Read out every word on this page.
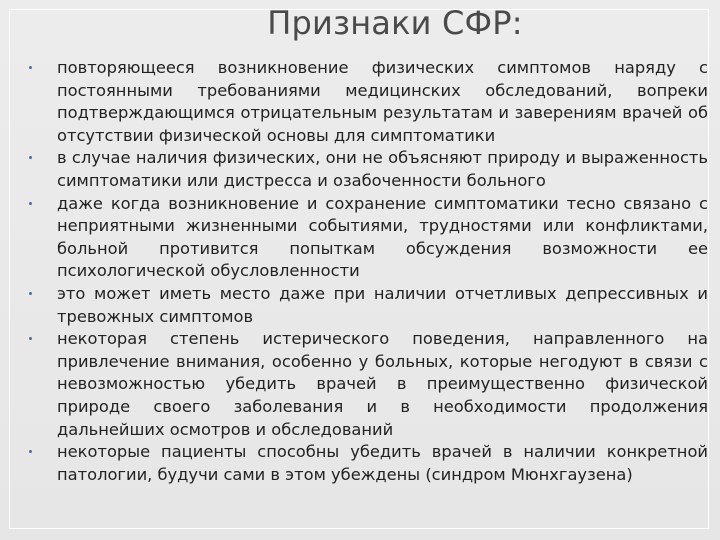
Признаки СФР:
повторяющееся возникновение физических симптомов наряду с постоянными требованиями медицинских обследований, вопреки подтверждающимся отрицательным результатам и заверениям врачей об отсутствии физической основы для симптоматики
в случае наличия физических, они не объясняют природу и выраженность симптоматики или дистресса и озабоченности больного
даже когда возникновение и сохранение симптоматики тесно связано с неприятными жизненными событиями, трудностями или конфликтами, больной противится попыткам обсуждения возможности ее психологической обусловленности
это может иметь место даже при наличии отчетливых депрессивных и тревожных симптомов
некоторая степень истерического поведения, направленного на привлечение внимания, особенно у больных, которые негодуют в связи с невозможностью убедить врачей в преимущественно физической природе своего заболевания и в необходимости продолжения дальнейших осмотров и обследований
некоторые пациенты способны убедить врачей в наличии конкретной патологии, будучи сами в этом убеждены (синдром Мюнхгаузена)
